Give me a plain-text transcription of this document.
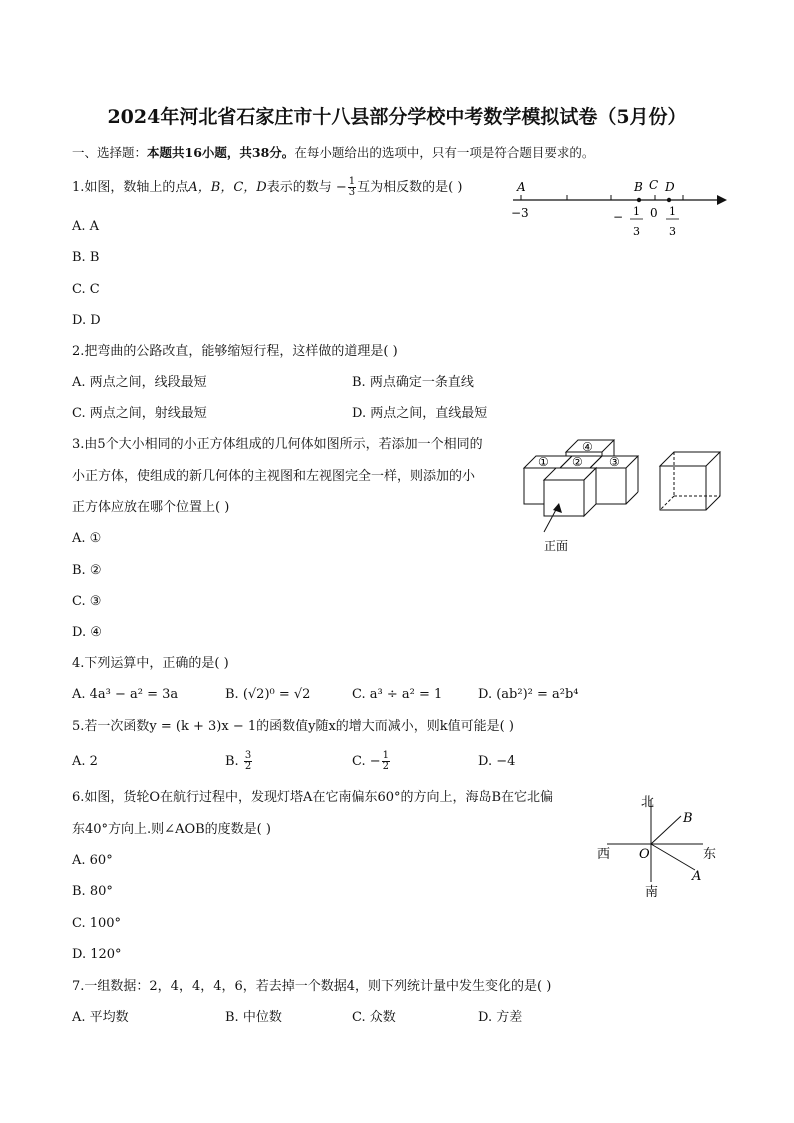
2024年河北省石家庄市十八县部分学校中考数学模拟试卷（5月份）
一、选择题：本题共16小题，共38分。在每小题给出的选项中，只有一项是符合题目要求的。
1.如图，数轴上的点A，B，C，D表示的数与 − $\frac{1}{3}$ 互为相反数的是( )
A. A
B. B
C. C
D. D
A	B C D
−3	− 1
3
0 1
3
2.把弯曲的公路改直，能够缩短行程，这样做的道理是( )
A. 两点之间，线段最短	B. 两点确定一条直线
C. 两点之间，射线最短	D. 两点之间，直线最短
3.由5个大小相同的小正方体组成的几何体如图所示，若添加一个相同的
小正方体，使组成的新几何体的主视图和左视图完全一样，则添加的小
正方体应放在哪个位置上( )
A. ①
B. ②
C. ③
D. ④
① ② ③
④
正面
4.下列运算中，正确的是( )
A. 4a³ − a² = 3a	B. (√2)⁰ = √2	C. a³ ÷ a² = 1	D. (ab²)² = a²b⁴
5.若一次函数y = (k + 3)x − 1的函数值y随x的增大而减小，则k值可能是( )
A. 2	B. $\frac{3}{2}$	C. − $\frac{1}{2}$	D. −4
6.如图，货轮O在航行过程中，发现灯塔A在它南偏东60°的方向上，海岛B在它北偏
东40°方向上.则∠AOB的度数是( )
A. 60°
B. 80°
C. 100°
D. 120°
北
南
西	东
O
B
A
7.一组数据：2，4，4，4，6，若去掉一个数据4，则下列统计量中发生变化的是( )
A. 平均数	B. 中位数	C. 众数	D. 方差
